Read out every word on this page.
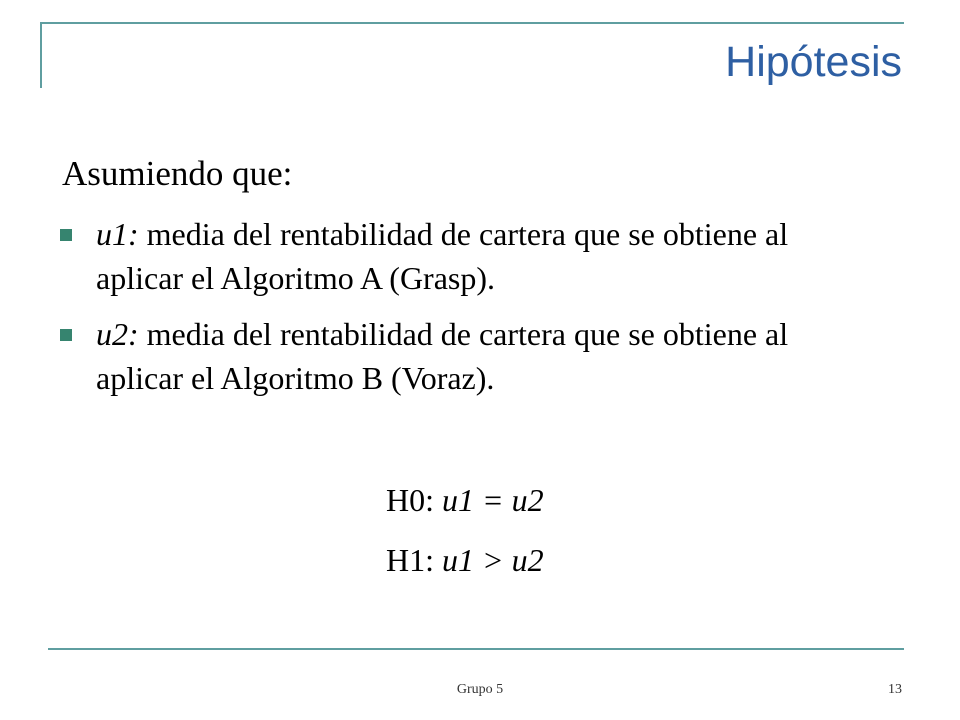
Hipótesis
Asumiendo que:
u1: media del rentabilidad de cartera que se obtiene al aplicar el Algoritmo A (Grasp).
u2: media del rentabilidad de cartera que se obtiene al aplicar el Algoritmo B (Voraz).
H0: u1 = u2
H1: u1 > u2
Grupo 5	13
